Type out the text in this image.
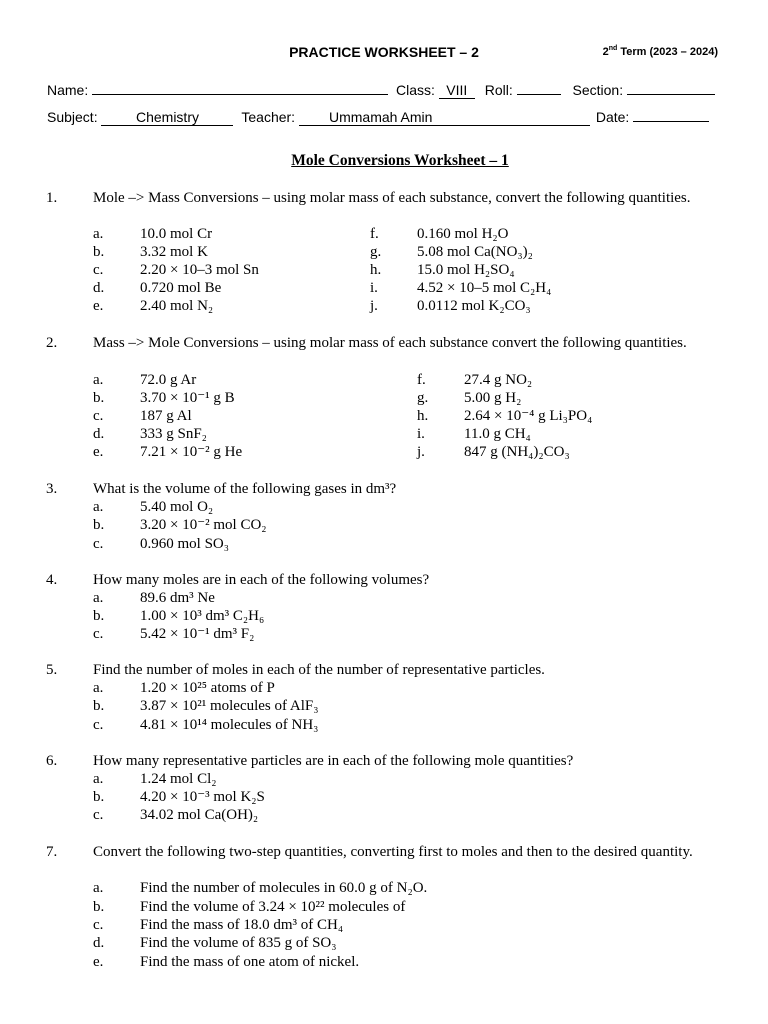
PRACTICE WORKSHEET – 2	2nd Term (2023 – 2024)
Name:	Class: VIII Roll:	Section:
Subject:	Chemistry	Teacher: Ummamah Amin	Date:
Mole Conversions Worksheet – 1
1. Mole –> Mass Conversions – using molar mass of each substance, convert the following quantities.
a. 10.0 mol Cr
b. 3.32 mol K
c. 2.20 × 10–3 mol Sn
d. 0.720 mol Be
e. 2.40 mol N₂
f.	0.160 mol H₂O
g. 5.08 mol Ca(NO₃)₂
h. 15.0 mol H₂SO₄
i.	4.52 × 10–5 mol C₂H₄
j.	0.0112 mol K₂CO₃
2. Mass –> Mole Conversions – using molar mass of each substance convert the following quantities.
a. 72.0 g Ar
b. 3.70 × 10⁻¹ g B
c. 187 g Al
d. 333 g SnF₂
e. 7.21 × 10⁻² g He
f.	27.4 g NO₂
g. 5.00 g H₂
h. 2.64 × 10⁻⁴ g Li₃PO₄
i.	11.0 g CH₄
j.	847 g (NH₄)₂CO₃
3. What is the volume of the following gases in dm³?
a. 5.40 mol O₂
b. 3.20 × 10⁻² mol CO₂
c. 0.960 mol SO₃
4. How many moles are in each of the following volumes?
a. 89.6 dm³ Ne
b. 1.00 × 10³ dm³ C₂H₆
c. 5.42 × 10⁻¹ dm³ F₂
5. Find the number of moles in each of the number of representative particles.
a. 1.20 × 10²⁵ atoms of P
b. 3.87 × 10²¹ molecules of AlF₃
c. 4.81 × 10¹⁴ molecules of NH₃
6. How many representative particles are in each of the following mole quantities?
a. 1.24 mol Cl₂
b. 4.20 × 10⁻³ mol K₂S
c. 34.02 mol Ca(OH)₂
7. Convert the following two-step quantities, converting first to moles and then to the desired quantity.
a. Find the number of molecules in 60.0 g of N₂O.
b. Find the volume of 3.24 × 10²² molecules of
c. Find the mass of 18.0 dm³ of CH₄
d. Find the volume of 835 g of SO₃
e. Find the mass of one atom of nickel.
